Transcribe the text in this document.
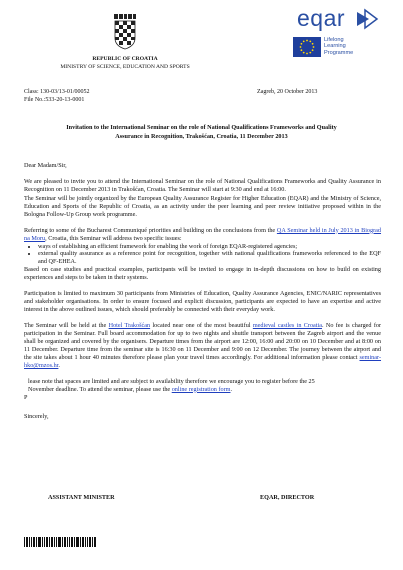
REPUBLIC OF CROATIA
MINISTRY OF SCIENCE, EDUCATION AND SPORTS
eqar
Lifelong
Learning
Programme
Class: 130-03/13-01/00052
File No.:533-20-13-0001
Zagreb, 20 October 2013
Invitation to the International Seminar on the role of National Qualifications Frameworks and Quality
Assurance in Recognition, Trakošćan, Croatia, 11 December 2013

Dear Madam/Sir,

We are pleased to invite you to attend the International Seminar on the role of National Qualifications Frameworks and Quality Assurance in Recognition on 11 December 2013 in Trakošćan, Croatia. The Seminar will start at 9:30 and end at 16:00.

The Seminar will be jointly organized by the European Quality Assurance Register for Higher Education (EQAR) and the Ministry of Science, Education and Sports of the Republic of Croatia, as an activity under the peer learning and peer review initiative proposed within in the Bologna Follow-Up Group work programme.

Referring to some of the Bucharest Communiqué priorities and building on the conclusions from the QA Seminar held in July 2013 in Biograd na Moru, Croatia, this Seminar will address two specific issues:

• ways of establishing an efficient framework for enabling the work of foreign EQAR-registered agencies;
• external quality assurance as a reference point for recognition, together with national qualifications frameworks referenced to the EQF and QF-EHEA.

Based on case studies and practical examples, participants will be invited to engage in in-depth discussions on how to build on existing experiences and steps to be taken in their systems.

Participation is limited to maximum 30 participants from Ministries of Education, Quality Assurance Agencies, ENIC/NARIC representatives and stakeholder organisations. In order to ensure focused and explicit discussion, participants are expected to have an expertise and active interest in the above outlined issues, which should preferably be connected with their everyday work.

The Seminar will be held at the Hotel Trakošćan located near one of the most beautiful medieval castles in Croatia. No fee is charged for participation in the Seminar. Full board accommodation for up to two nights and shuttle transport between the Zagreb airport and the venue shall be organized and covered by the organisers. Departure times from the airport are 12:00, 16:00 and 20:00 on 10 December and at 8:00 on 11 December. Departure time from the seminar site is 16:30 on 11 December and 9:00 on 12 December. The journey between the airport and the site takes about 1 hour 40 minutes therefore please plan your travel times accordingly. For additional information please contact seminar-hko@mzos.hr.

lease note that spaces are limited and are subject to availability therefore we encourage you to register before the 25
November deadline. To attend the seminar, please use the online registration form.

P

Sincerely,

ASSISTANT MINISTER	EQAR, DIRECTOR
